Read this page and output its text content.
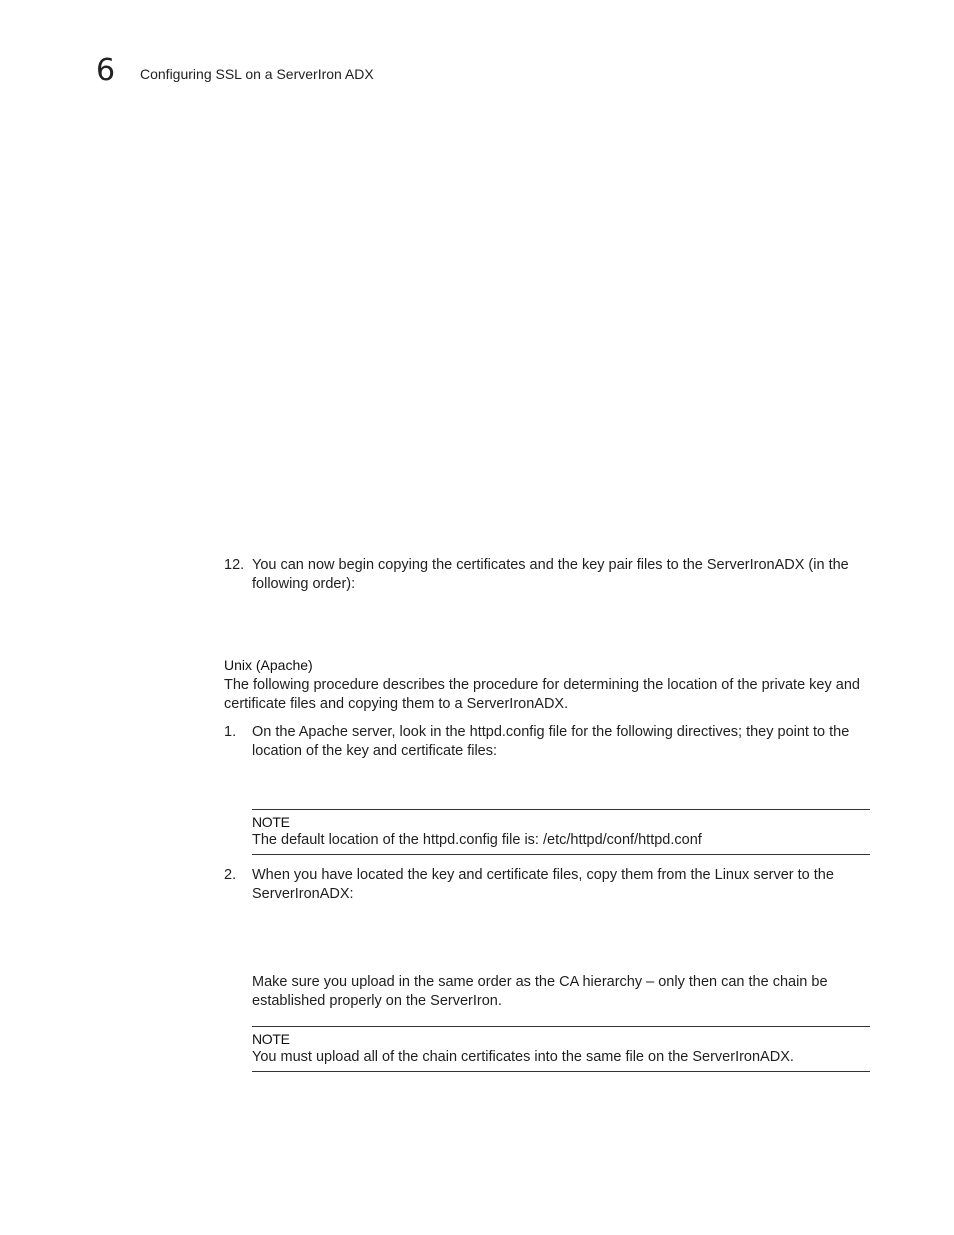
6 Configuring SSL on a ServerIron ADX
12. You can now begin copying the certificates and the key pair files to the ServerIronADX (in the following order):
Unix (Apache)
The following procedure describes the procedure for determining the location of the private key and certificate files and copying them to a ServerIronADX.
1. On the Apache server, look in the httpd.config file for the following directives; they point to the location of the key and certificate files:
NOTE
The default location of the httpd.config file is: /etc/httpd/conf/httpd.conf
2. When you have located the key and certificate files, copy them from the Linux server to the ServerIronADX:
Make sure you upload in the same order as the CA hierarchy – only then can the chain be established properly on the ServerIron.
NOTE
You must upload all of the chain certificates into the same file on the ServerIronADX.
